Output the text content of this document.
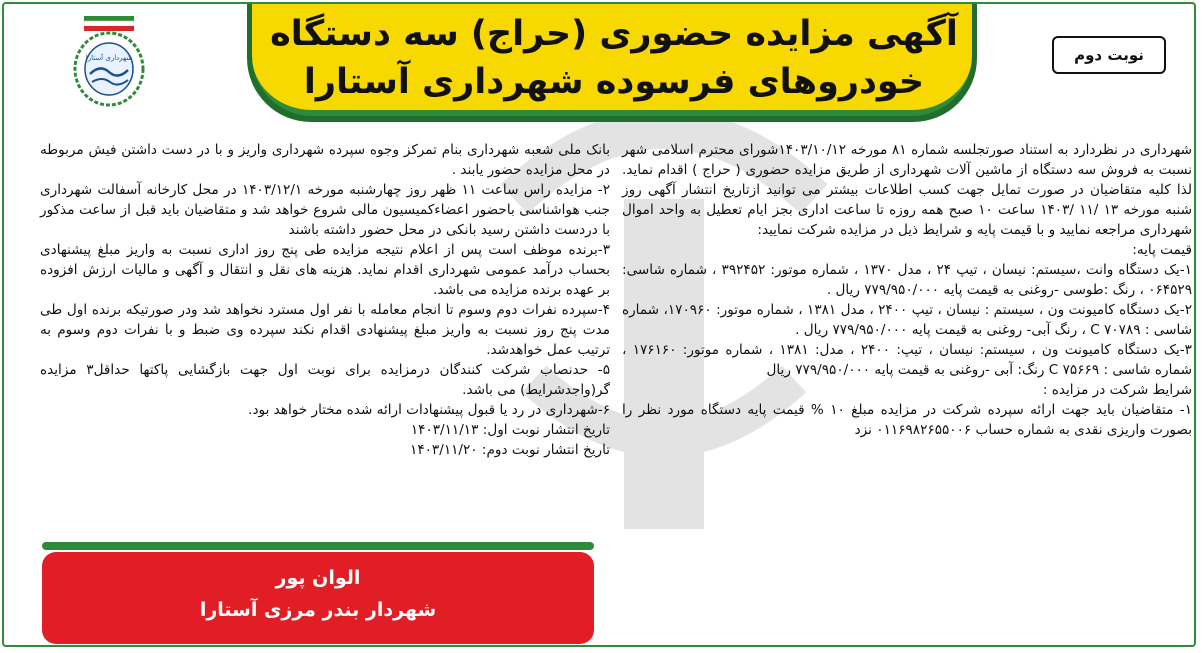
آگهی مزایده حضوری (حراج) سه دستگاه
خودروهای فرسوده شهرداری آستارا
نوبت دوم
شهرداری آستارا

شهرداری در نظردارد به استناد صورتجلسه شماره ۸۱ مورخه ۱۴۰۳/۱۰/۱۲شورای محترم اسلامی شهر نسبت به فروش سه دستگاه از ماشین آلات شهرداری از طریق مزایده حضوری ( حراج ) اقدام نماید. لذا کلیه متقاضیان در صورت تمایل جهت کسب اطلاعات بیشتر می توانید ازتاریخ انتشار آگهی روز شنبه مورخه ۱۳ /۱۱ /۱۴۰۳ ساعت ۱۰ صبح همه روزه تا ساعت اداری بجز ایام تعطیل به واحد اموال شهرداری مراجعه نمایید و با قیمت پایه و شرایط ذیل در مزایده شرکت نمایید:

قیمت پایه:

۱-یک دستگاه وانت ،سیستم: نیسان ، تیپ ۲۴ ، مدل ۱۳۷۰ ، شماره موتور: ۳۹۲۴۵۲ ، شماره شاسی: ۰۶۴۵۲۹ ، رنگ :طوسی -روغنی به قیمت پایه ۷۷۹/۹۵۰/۰۰۰ ریال .

۲-یک دستگاه کامیونت ون ، سیستم : نیسان ، تیپ ۲۴۰۰ ، مدل ۱۳۸۱ ، شماره موتور: ۱۷۰۹۶۰، شماره شاسی : C ۷۰۷۸۹ ، رنگ آبی- روغنی به قیمت پایه ۷۷۹/۹۵۰/۰۰۰ ریال .

۳-یک دستگاه کامیونت ون ، سیستم: نیسان ، تیپ: ۲۴۰۰ ، مدل: ۱۳۸۱ ، شماره موتور: ۱۷۶۱۶۰ ، شماره شاسی : C ۷۵۶۶۹ رنگ: آبی -روغنی به قیمت پایه ۷۷۹/۹۵۰/۰۰۰ ریال

شرایط شرکت در مزایده :

۱- متقاضیان باید جهت ارائه سپرده شرکت در مزایده مبلغ ۱۰ % قیمت پایه دستگاه مورد نظر را بصورت واریزی نقدی به شماره حساب ۰۱۱۶۹۸۲۶۵۵۰۰۶ نزد

بانک ملی شعبه شهرداری بنام تمرکز وجوه سپرده شهرداری واریز و با در دست داشتن فیش مربوطه در محل مزایده حضور یابند .

۲- مزایده راس ساعت ۱۱ ظهر روز چهارشنبه مورخه ۱۴۰۳/۱۲/۱ در محل کارخانه آسفالت شهرداری جنب هواشناسی باحضور اعضاءکمیسیون مالی شروع خواهد شد و متقاضیان باید قبل از ساعت مذکور با دردست داشتن رسید بانکی در محل حضور داشته باشند

۳-برنده موظف است پس از اعلام نتیجه مزایده طی پنج روز اداری نسبت به واریز مبلغ پیشنهادی بحساب درآمد عمومی شهرداری اقدام نماید. هزینه های نقل و انتقال و آگهی و مالیات ارزش افزوده بر عهده برنده مزایده می باشد.

۴-سپرده نفرات دوم وسوم تا انجام معامله با نفر اول مسترد نخواهد شد ودر صورتیکه برنده اول طی مدت پنج روز نسبت به واریز مبلغ پیشنهادی اقدام نکند سپرده وی ضبط و با نفرات دوم وسوم به ترتیب عمل خواهدشد.

۵- حدنصاب شرکت کنندگان درمزایده برای نوبت اول جهت بازگشایی پاکتها حداقل۳ مزایده گر(واجدشرایط) می باشد.

۶-شهرداری در رد یا قبول پیشنهادات ارائه شده مختار خواهد بود.

تاریخ انتشار نوبت اول: ۱۴۰۳/۱۱/۱۳

تاریخ انتشار نوبت دوم: ۱۴۰۳/۱۱/۲۰

الوان پور
شهردار بندر مرزی آستارا
